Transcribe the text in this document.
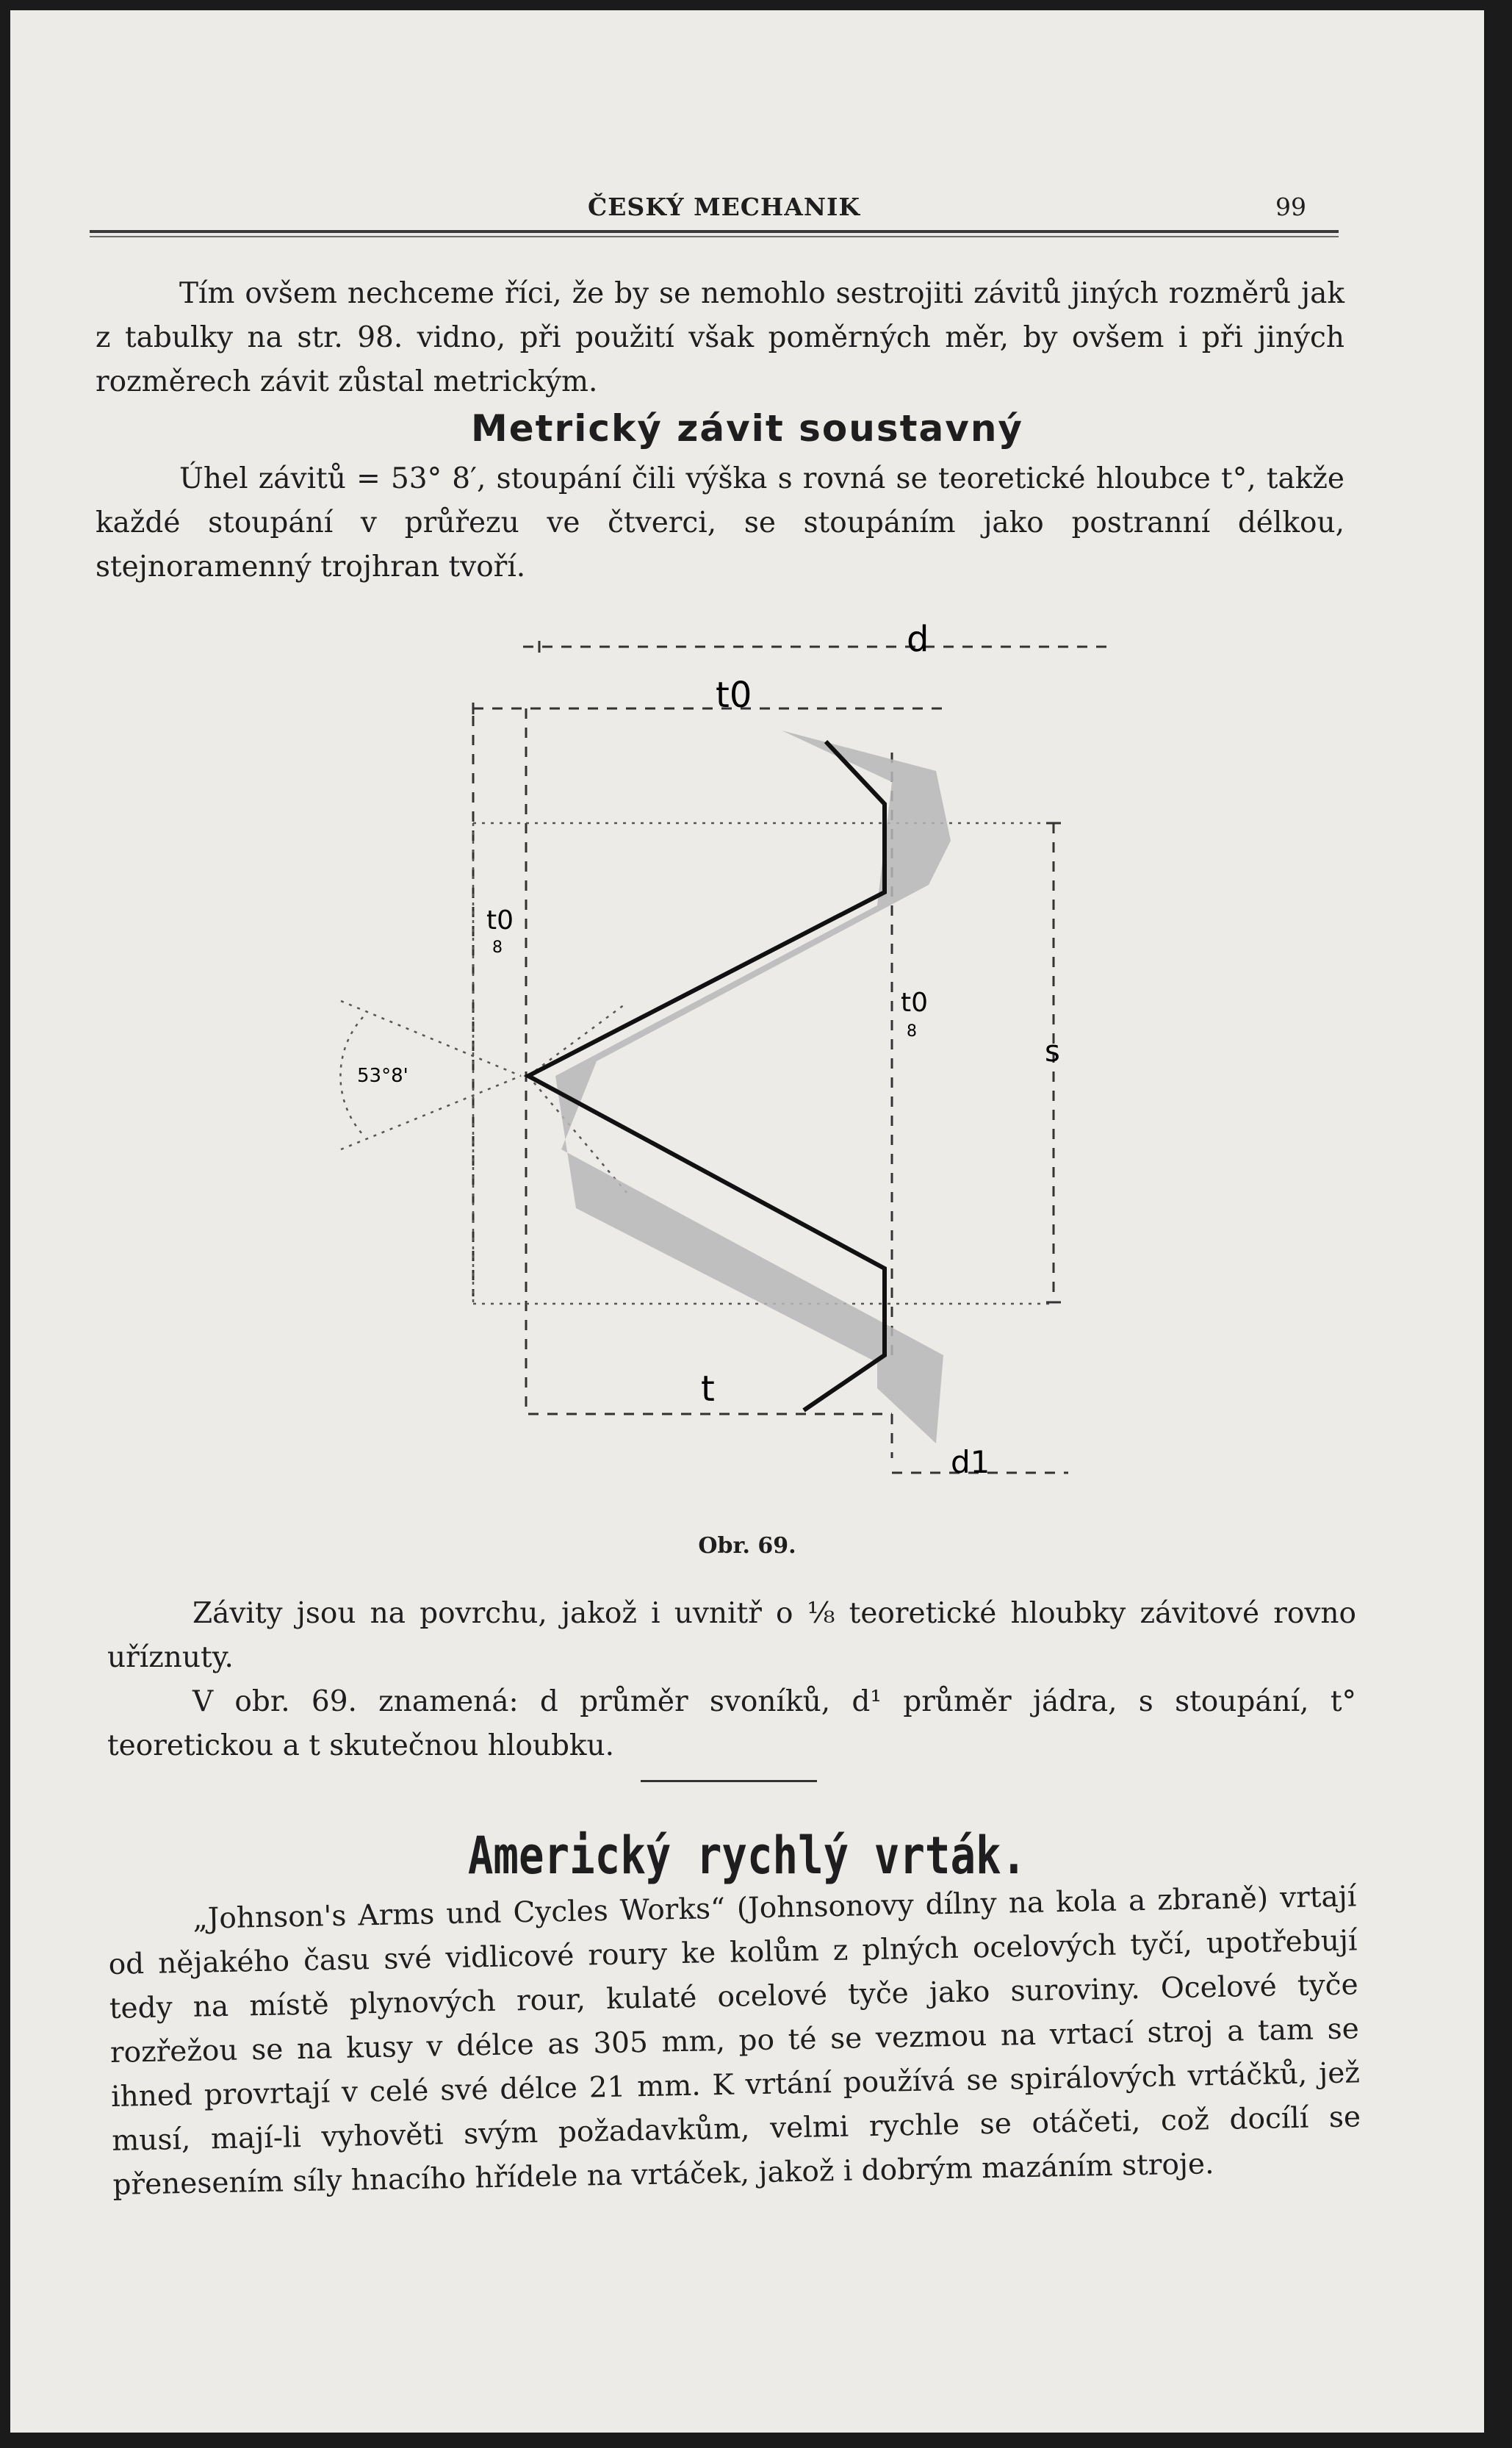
ČESKÝ MECHANIK	99
Tím ovšem nechceme říci, že by se nemohlo sestrojiti závitů jiných rozměrů jak z tabulky na str. 98. vidno, při použití však poměrných měr, by ovšem i při jiných rozměrech závit zůstal metrickým.
Metrický závit soustavný
Úhel závitů = 53° 8′, stoupání čili výška s rovná se teoretické hloubce t°, takže každé stoupání v průřezu ve čtverci, se stoupáním jako postranní délkou, stejnoramenný trojhran tvoří.
d
t0
t0
8
t0
8
s
53°8'
t
d1
Obr. 69.
Závity jsou na povrchu, jakož i uvnitř o ⅛ teoretické hloubky závitové rovno uříznuty.
V obr. 69. znamená: d průměr svoníků, d¹ průměr jádra, s stoupání, t° teoretickou a t skutečnou hloubku.
Americký rychlý vrták.
„Johnson's Arms und Cycles Works“ (Johnsonovy dílny na kola a zbraně) vrtají od nějakého času své vidlicové roury ke kolům z plných ocelových tyčí, upotřebují tedy na místě plynových rour, kulaté ocelové tyče jako suroviny. Ocelové tyče rozřežou se na kusy v délce as 305 mm, po té se vezmou na vrtací stroj a tam se ihned provrtají v celé své délce 21 mm. K vrtání používá se spirálových vrtáčků, jež musí, mají-li vyhověti svým požadavkům, velmi rychle se otáčeti, což docílí se přenesením síly hnacího hřídele na vrtáček, jakož i dobrým mazáním stroje.
